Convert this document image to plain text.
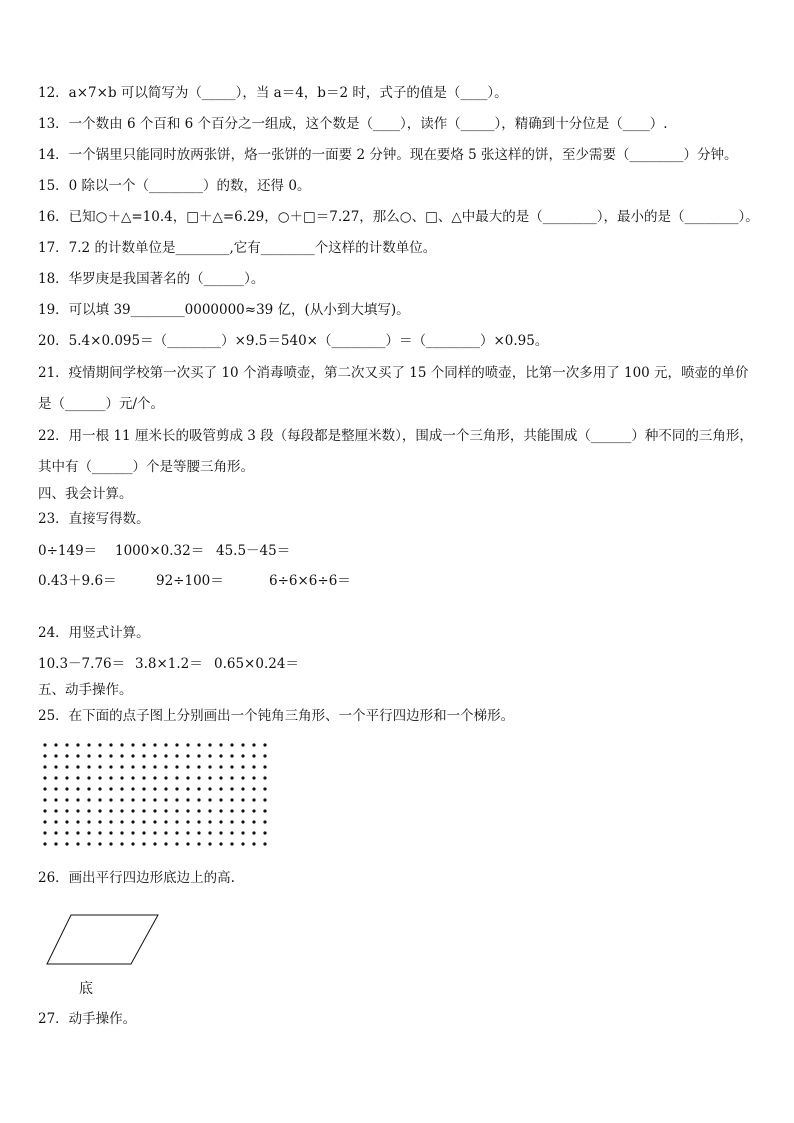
12．a×7×b 可以简写为（_____），当 a＝4，b＝2 时，式子的值是（____）。
13．一个数由 6 个百和 6 个百分之一组成，这个数是（____），读作（_____），精确到十分位是（____）.
14．一个锅里只能同时放两张饼，烙一张饼的一面要 2 分钟。现在要烙 5 张这样的饼，至少需要（________）分钟。
15．0 除以一个（________）的数，还得 0。
16．已知○＋△=10.4，□＋△=6.29，○＋□＝7.27，那么○、□、△中最大的是（________），最小的是（________）。
17．7.2 的计数单位是________,它有________个这样的计数单位。
18．华罗庚是我国著名的（______）。
19．可以填 39________0000000≈39 亿，(从小到大填写)。
20．5.4×0.095＝（________）×9.5＝540×（________）＝（________）×0.95。
21．疫情期间学校第一次买了 10 个消毒喷壶，第二次又买了 15 个同样的喷壶，比第一次多用了 100 元，喷壶的单价
是（______）元/个。
22．用一根 11 厘米长的吸管剪成 3 段（每段都是整厘米数），围成一个三角形，共能围成（______）种不同的三角形，
其中有（______）个是等腰三角形。
四、我会计算。
23．直接写得数。
0÷149＝ 1000×0.32＝ 45.5－45＝
0.43＋9.6＝	92÷100＝	6÷6×6÷6＝
24．用竖式计算。
10.3－7.76＝ 3.8×1.2＝ 0.65×0.24＝
五、动手操作。
25．在下面的点子图上分别画出一个钝角三角形、一个平行四边形和一个梯形。
26．画出平行四边形底边上的高.
底
27．动手操作。
